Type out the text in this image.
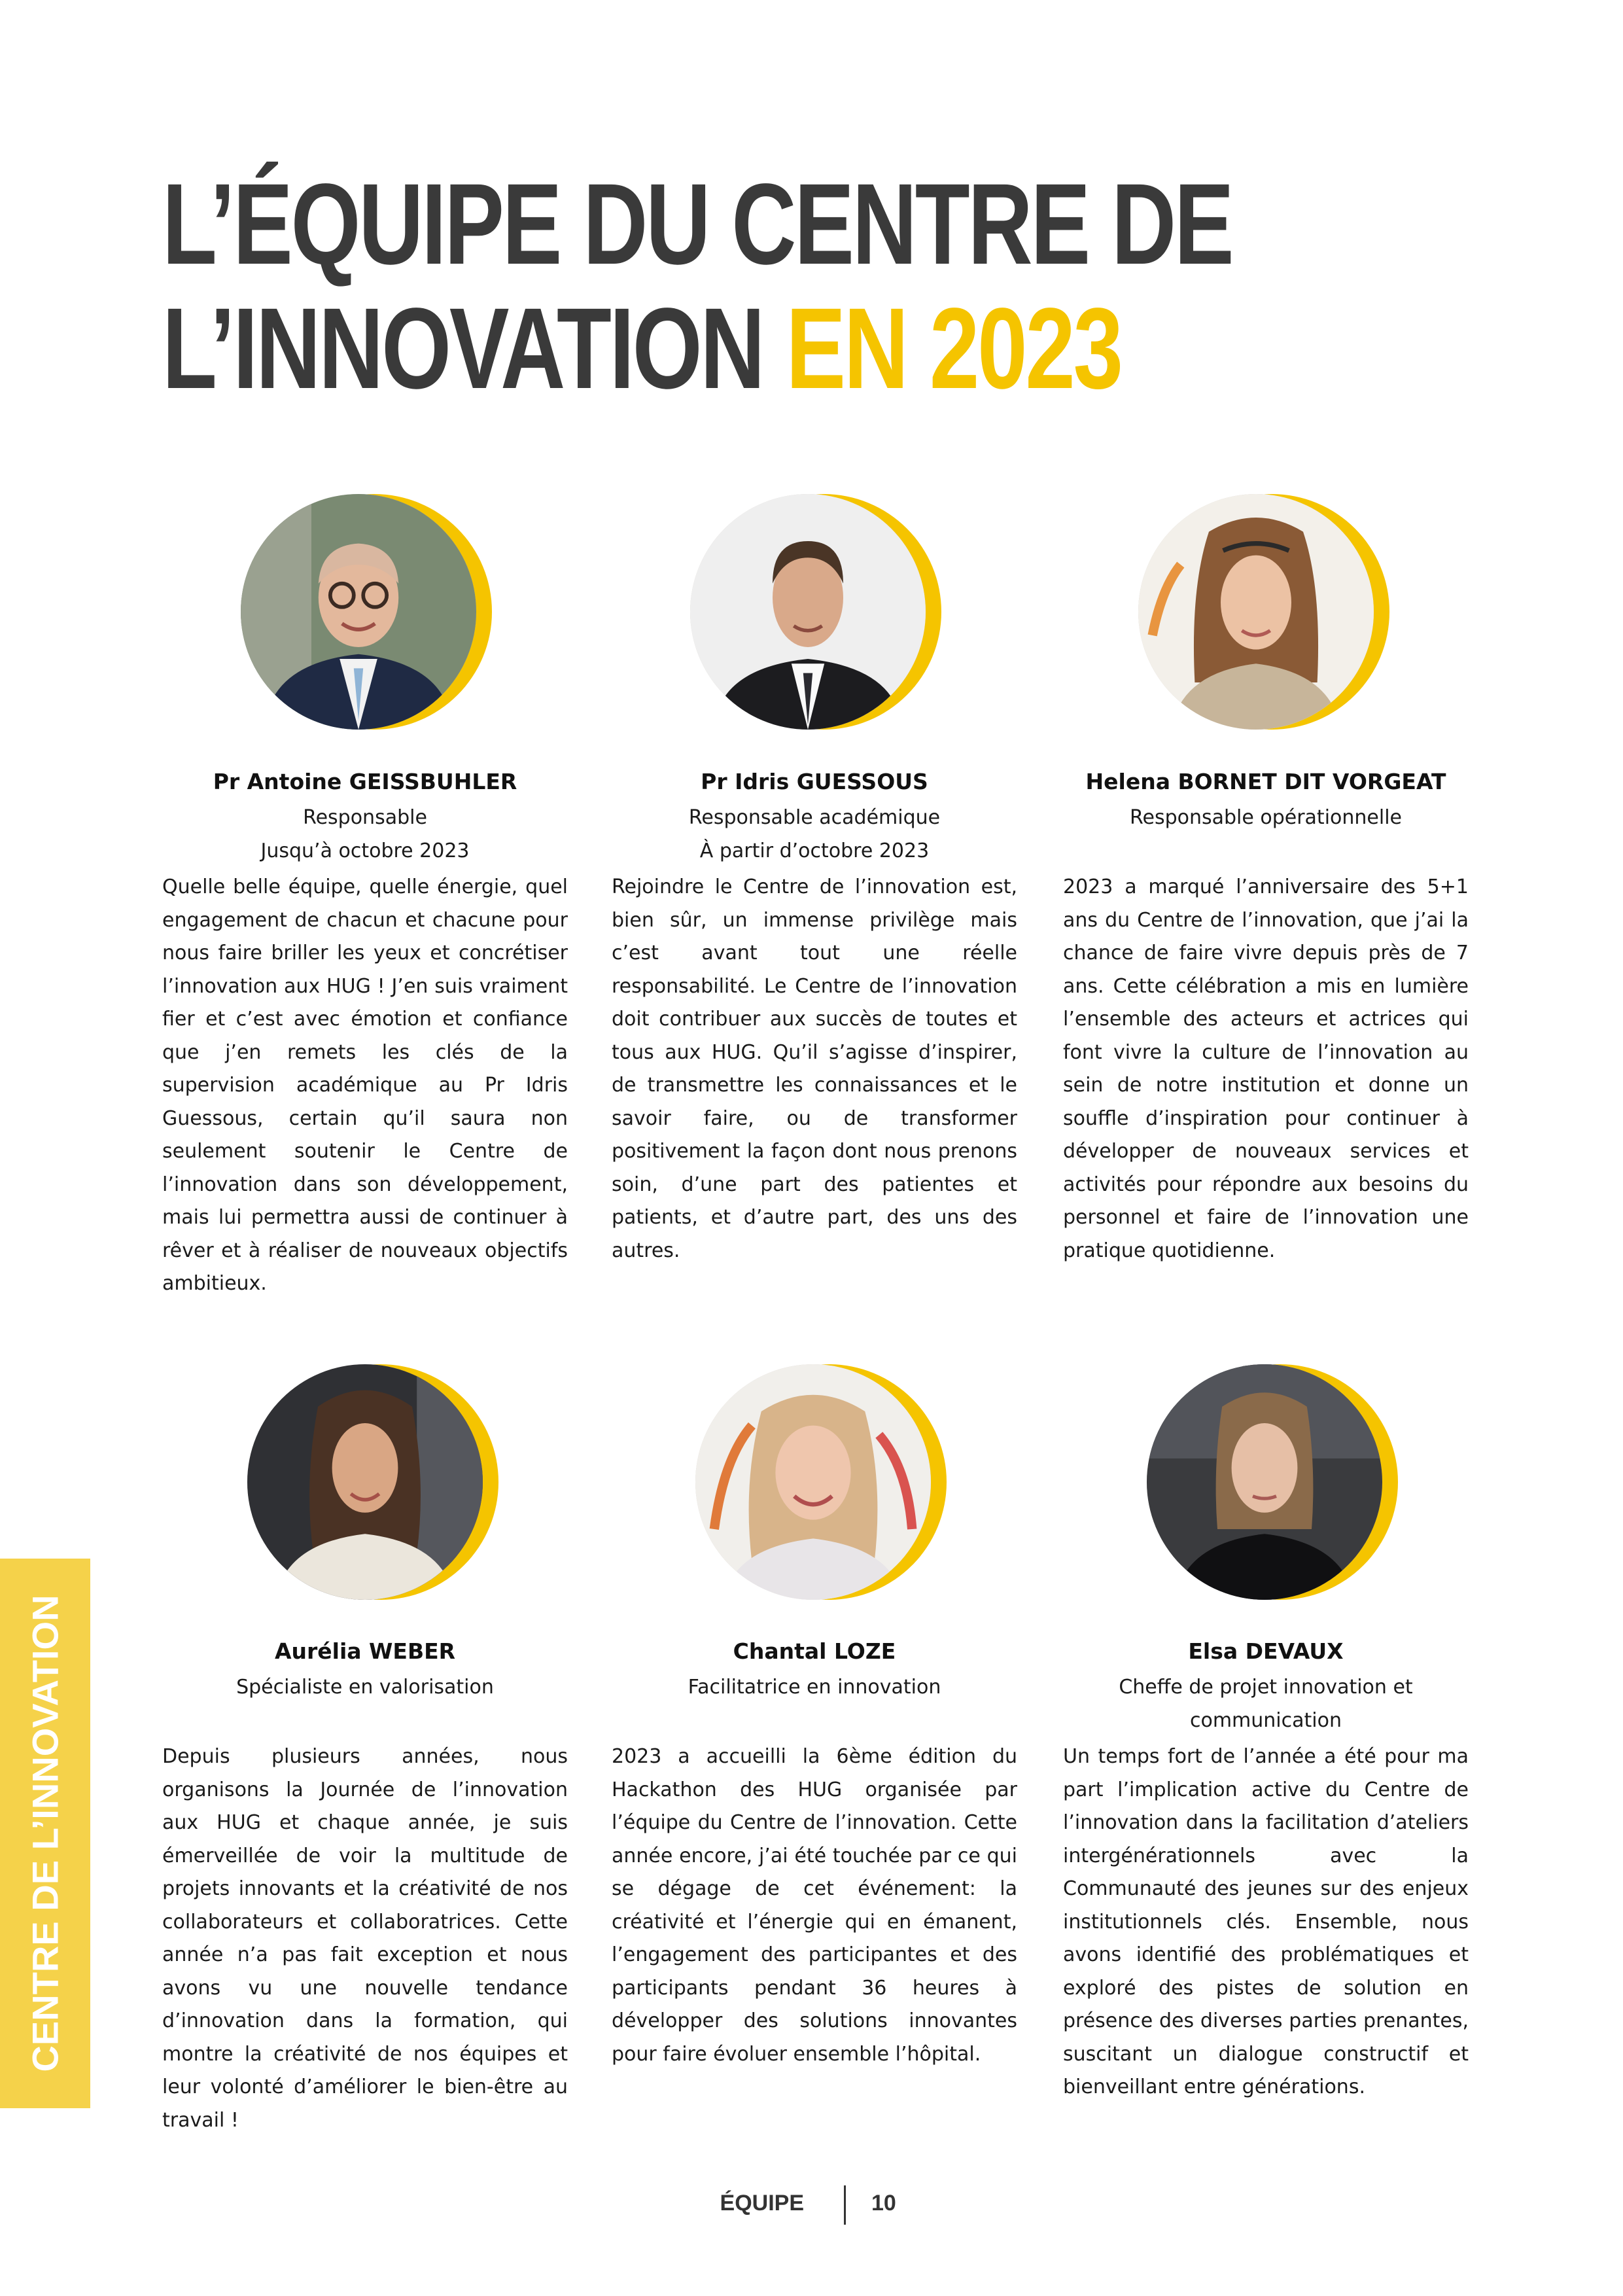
L’ÉQUIPE DU CENTRE DE
L’INNOVATION EN 2023
Pr Antoine GEISSBUHLER
Responsable
Jusqu’à octobre 2023

Quelle belle équipe, quelle énergie, quel engagement de chacun et chacune pour nous faire briller les yeux et concrétiser l’innovation aux HUG ! J’en suis vraiment fier et c’est avec émotion et confiance que j’en remets les clés de la supervision académique au Pr Idris Guessous, certain qu’il saura non seulement soutenir le Centre de l’innovation dans son développement, mais lui permettra aussi de continuer à rêver et à réaliser de nouveaux objectifs ambitieux.

Pr Idris GUESSOUS
Responsable académique
À partir d’octobre 2023

Rejoindre le Centre de l’innovation est, bien sûr, un immense privilège mais c’est avant tout une réelle responsabilité. Le Centre de l’innovation doit contribuer aux succès de toutes et tous aux HUG. Qu’il s’agisse d’inspirer, de transmettre les connaissances et le savoir faire, ou de transformer positivement la façon dont nous prenons soin, d’une part des patientes et patients, et d’autre part, des uns des autres.

Helena BORNET DIT VORGEAT
Responsable opérationnelle

2023 a marqué l’anniversaire des 5+1 ans du Centre de l’innovation, que j’ai la chance de faire vivre depuis près de 7 ans. Cette célébration a mis en lumière l’ensemble des acteurs et actrices qui font vivre la culture de l’innovation au sein de notre institution et donne un souffle d’inspiration pour continuer à développer de nouveaux services et activités pour répondre aux besoins du personnel et faire de l’innovation une pratique quotidienne.

Aurélia WEBER
Spécialiste en valorisation

Depuis plusieurs années, nous organisons la Journée de l’innovation aux HUG et chaque année, je suis émerveillée de voir la multitude de projets innovants et la créativité de nos collaborateurs et collaboratrices. Cette année n’a pas fait exception et nous avons vu une nouvelle tendance d’innovation dans la formation, qui montre la créativité de nos équipes et leur volonté d’améliorer le bien-être au travail !

Chantal LOZE
Facilitatrice en innovation

2023 a accueilli la 6ème édition du Hackathon des HUG organisée par l’équipe du Centre de l’innovation. Cette année encore, j’ai été touchée par ce qui se dégage de cet événement: la créativité et l’énergie qui en émanent, l’engagement des participantes et des participants pendant 36 heures à développer des solutions innovantes pour faire évoluer ensemble l’hôpital.

Elsa DEVAUX
Cheffe de projet innovation et communication

Un temps fort de l’année a été pour ma part l’implication active du Centre de l’innovation dans la facilitation d’ateliers intergénérationnels avec la Communauté des jeunes sur des enjeux institutionnels clés. Ensemble, nous avons identifié des problématiques et exploré des pistes de solution en présence des diverses parties prenantes, suscitant un dialogue constructif et bienveillant entre générations.

CENTRE DE L’INNOVATION
ÉQUIPE	10
